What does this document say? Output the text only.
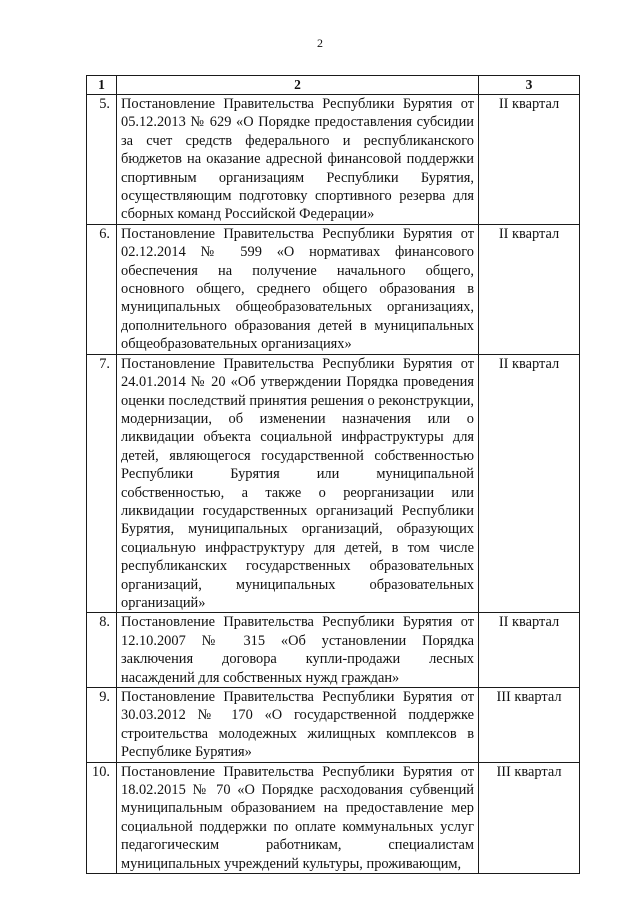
2
1	2	3
5.	Постановление Правительства Республики Бурятия от 05.12.2013 № 629 «О Порядке предоставления субсидии за счет средств федерального и республиканского бюджетов на оказание адресной финансовой поддержки спортивным организациям Республики Бурятия, осуществляющим подготовку спортивного резерва для сборных команд Российской Федерации»	II квартал
6.	Постановление Правительства Республики Бурятия от 02.12.2014 № 599 «О нормативах финансового обеспечения на получение начального общего, основного общего, среднего общего образования в муниципальных общеобразовательных организациях, дополнительного образования детей в муниципальных общеобразовательных организациях»	II квартал
7.	Постановление Правительства Республики Бурятия от 24.01.2014 № 20 «Об утверждении Порядка проведения оценки последствий принятия решения о реконструкции, модернизации, об изменении назначения или о ликвидации объекта социальной инфраструктуры для детей, являющегося государственной собственностью Республики Бурятия или муниципальной собственностью, а также о реорганизации или ликвидации государственных организаций Республики Бурятия, муниципальных организаций, образующих социальную инфраструктуру для детей, в том числе республиканских государственных образовательных организаций, муниципальных образовательных организаций»	II квартал
8.	Постановление Правительства Республики Бурятия от 12.10.2007 № 315 «Об установлении Порядка заключения договора купли-продажи лесных насаждений для собственных нужд граждан»	II квартал
9.	Постановление Правительства Республики Бурятия от 30.03.2012 № 170 «О государственной поддержке строительства молодежных жилищных комплексов в Республике Бурятия»	III квартал
10.	Постановление Правительства Республики Бурятия от 18.02.2015 № 70 «О Порядке расходования субвенций муниципальным образованием на предоставление мер социальной поддержки по оплате коммунальных услуг педагогическим работникам, специалистам муниципальных учреждений культуры, проживающим,	III квартал
